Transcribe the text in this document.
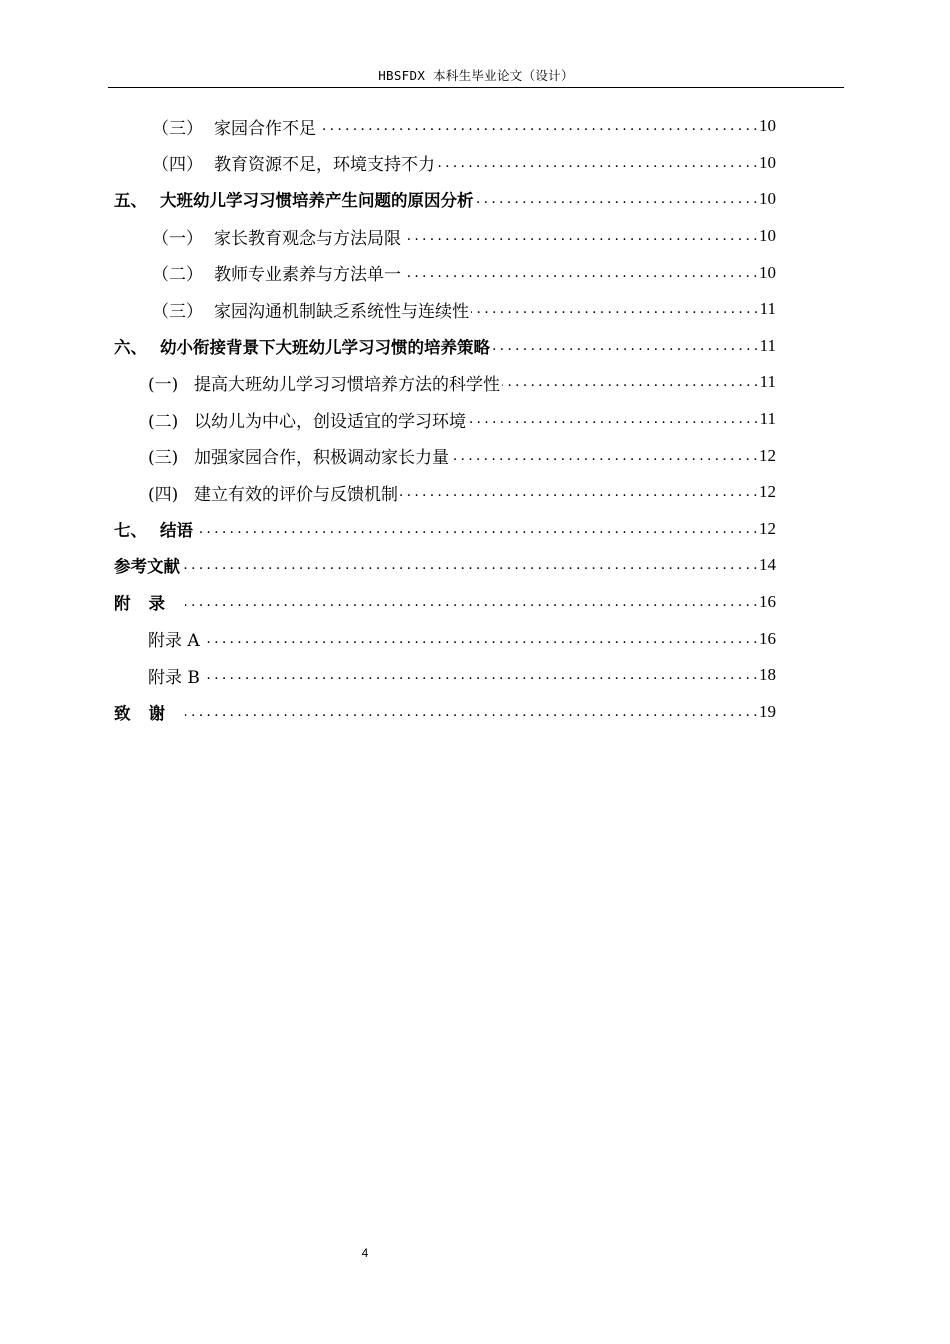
HBSFDX 本科生毕业论文（设计）
（三） 家园合作不足 . . .	10
（四） 教育资源不足，环境支持不力 . . .	10
五、 大班幼儿学习习惯培养产生问题的原因分析 . . .	10
（一） 家长教育观念与方法局限 . . .	10
（二） 教师专业素养与方法单一 . . .	10
（三） 家园沟通机制缺乏系统性与连续性 . . .	11
六、 幼小衔接背景下大班幼儿学习习惯的培养策略 . . .	11
(一) 提高大班幼儿学习习惯培养方法的科学性 . . .	11
(二) 以幼儿为中心，创设适宜的学习环境 . . .	11
(三) 加强家园合作，积极调动家长力量 . . .	12
(四) 建立有效的评价与反馈机制 . . .	12
七、 结语 . . .	12
参考文献 . . .	14
附录 . . .	16
附录 A . . .	16
附录 B . . .	18
致谢 . . .	19
4
